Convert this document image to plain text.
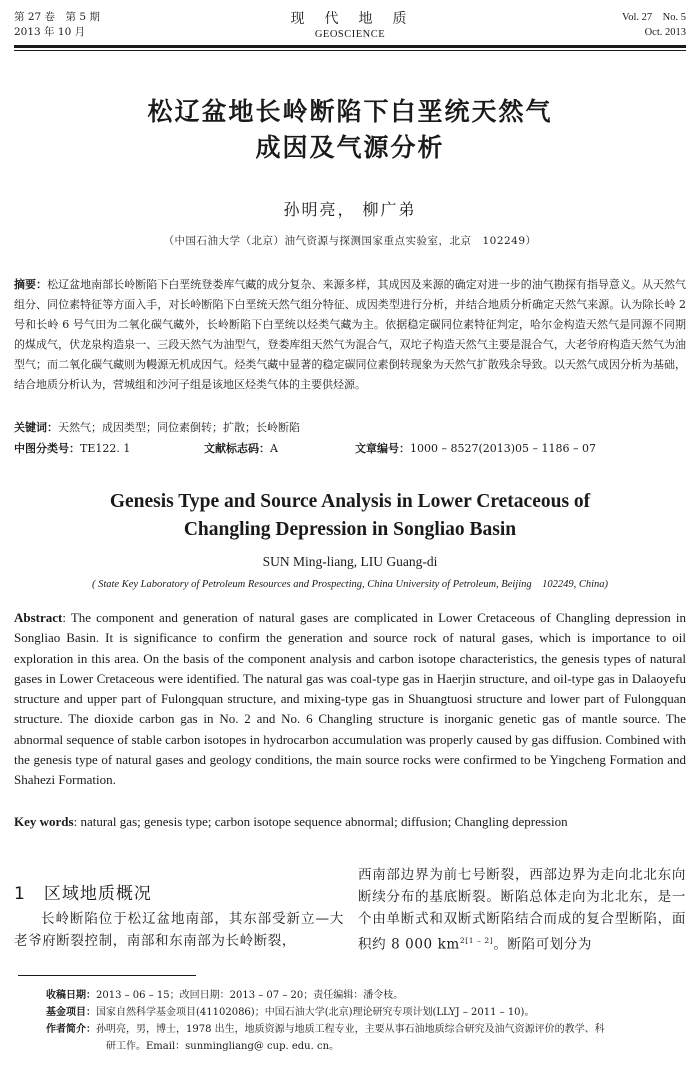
第 27 卷　第 5 期
2013 年 10 月
现　代　地　质
GEOSCIENCE
Vol. 27　No. 5
Oct. 2013
松辽盆地长岭断陷下白垩统天然气
成因及气源分析
孙明亮， 柳广弟
（中国石油大学（北京）油气资源与探测国家重点实验室，北京　102249）
摘要：松辽盆地南部长岭断陷下白垩统登娄库气藏的成分复杂、来源多样，其成因及来源的确定对进一步的油气勘探有指导意义。从天然气组分、同位素特征等方面入手，对长岭断陷下白垩统天然气组分特征、成因类型进行分析，并结合地质分析确定天然气来源。认为除长岭 2 号和长岭 6 号气田为二氧化碳气藏外，长岭断陷下白垩统以烃类气藏为主。依据稳定碳同位素特征判定，哈尔金构造天然气是同源不同期的煤成气，伏龙泉构造泉一、三段天然气为油型气，登娄库组天然气为混合气，双坨子构造天然气主要是混合气，大老爷府构造天然气为油型气；而二氧化碳气藏则为幔源无机成因气。烃类气藏中显著的稳定碳同位素倒转现象为天然气扩散残余导致。以天然气成因分析为基础，结合地质分析认为，营城组和沙河子组是该地区烃类气体的主要供烃源。
关键词：天然气；成因类型；同位素倒转；扩散；长岭断陷
中图分类号：TE122. 1	文献标志码：A	文章编号：1000 – 8527(2013)05 – 1186 – 07
Genesis Type and Source Analysis in Lower Cretaceous of
Changling Depression in Songliao Basin
SUN Ming-liang, LIU Guang-di
( State Key Laboratory of Petroleum Resources and Prospecting, China University of Petroleum, Beijing　102249, China)
Abstract: The component and generation of natural gases are complicated in Lower Cretaceous of Changling depression in Songliao Basin. It is significance to confirm the generation and source rock of natural gases, which is importance to oil exploration in this area. On the basis of the component analysis and carbon isotope characteristics, the genesis types of natural gases in Lower Cretaceous were identified. The natural gas was coal-type gas in Haerjin structure, and oil-type gas in Dalaoyefu structure and upper part of Fulongquan structure, and mixing-type gas in Shuangtuosi structure and lower part of Fulongquan structure. The dioxide carbon gas in No. 2 and No. 6 Changling structure is inorganic genetic gas of mantle source. The abnormal sequence of stable carbon isotopes in hydrocarbon accumulation was properly caused by gas diffusion. Combined with the genesis type of natural gases and geology conditions, the main source rocks were confirmed to be Yingcheng Formation and Shahezi Formation.
Key words: natural gas; genesis type; carbon isotope sequence abnormal; diffusion; Changling depression
1　区域地质概况
长岭断陷位于松辽盆地南部，其东部受新立—大老爷府断裂控制，南部和东南部为长岭断裂，
西南部边界为前七号断裂，西部边界为走向北北东向断续分布的基底断裂。断陷总体走向为北北东，是一个由单断式和双断式断陷结合而成的复合型断陷，面积约 8 000 $km^{2[1 - 2]}$。断陷可划分为
收稿日期：2013 – 06 – 15；改回日期：2013 – 07 – 20；责任编辑：潘令枝。
基金项目：国家自然科学基金项目(41102086)；中国石油大学(北京)理论研究专项计划(LLYJ – 2011 – 10)。
作者简介：孙明亮，男，博士，1978 出生，地质资源与地质工程专业，主要从事石油地质综合研究及油气资源评价的教学、科
研工作。Email：sunmingliang@ cup. edu. cn。
